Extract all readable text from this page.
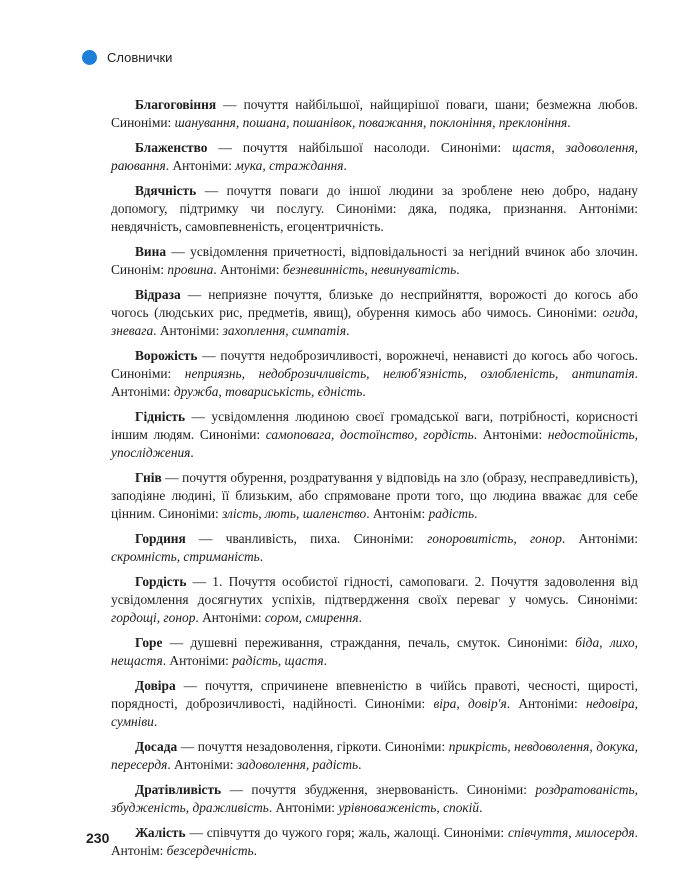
Словнички

Благоговіння — почуття найбільшої, найщирішої поваги, шани; безмежна любов. Синоніми: шанування, пошана, пошанівок, поважання, поклоніння, преклоніння.

Блаженство — почуття найбільшої насолоди. Синоніми: щастя, задоволення, раювання. Антоніми: мука, страждання.

Вдячність — почуття поваги до іншої людини за зроблене нею добро, надану допомогу, підтримку чи послугу. Синоніми: дяка, подяка, признання. Антоніми: невдячність, самовпевненість, егоцентричність.

Вина — усвідомлення причетності, відповідальності за негідний вчинок або злочин. Синонім: провина. Антоніми: безневинність, невинуватість.

Відраза — неприязне почуття, близьке до несприйняття, ворожості до когось або чогось (людських рис, предметів, явищ), обурення кимось або чимось. Синоніми: огида, зневага. Антоніми: захоплення, симпатія.

Ворожість — почуття недоброзичливості, ворожнечі, ненависті до когось або чогось. Синоніми: неприязнь, недоброзичливість, нелюб'язність, озлобленість, антипатія. Антоніми: дружба, товариськість, єдність.

Гідність — усвідомлення людиною своєї громадської ваги, потрібності, корисності іншим людям. Синоніми: самоповага, достоїнство, гордість. Антоніми: недостойність, упосліджения.

Гнів — почуття обурення, роздратування у відповідь на зло (образу, несправедливість), заподіяне людині, її близьким, або спрямоване проти того, що людина вважає для себе цінним. Синоніми: злість, лють, шаленство. Антонім: радість.

Гординя — чванливість, пиха. Синоніми: гоноровитість, гонор. Антоніми: скромність, стриманість.

Гордість — 1. Почуття особистої гідності, самоповаги. 2. Почуття задоволення від усвідомлення досягнутих успіхів, підтвердження своїх переваг у чомусь. Синоніми: гордощі, гонор. Антоніми: сором, смирення.

Горе — душевні переживання, страждання, печаль, смуток. Синоніми: біда, лихо, нещастя. Антоніми: радість, щастя.

Довіра — почуття, спричинене впевненістю в чиїйсь правоті, чесності, щирості, порядності, доброзичливості, надійності. Синоніми: віра, довір'я. Антоніми: недовіра, сумніви.

Досада — почуття незадоволення, гіркоти. Синоніми: прикрість, невдоволення, докука, пересердя. Антоніми: задоволення, радість.

Дратівливість — почуття збудження, знервованість. Синоніми: роздратованість, збудженість, дражливість. Антоніми: урівноваженість, спокій.

Жалість — співчуття до чужого горя; жаль, жалощі. Синоніми: співчуття, милосердя. Антонім: безсердечність.

230
